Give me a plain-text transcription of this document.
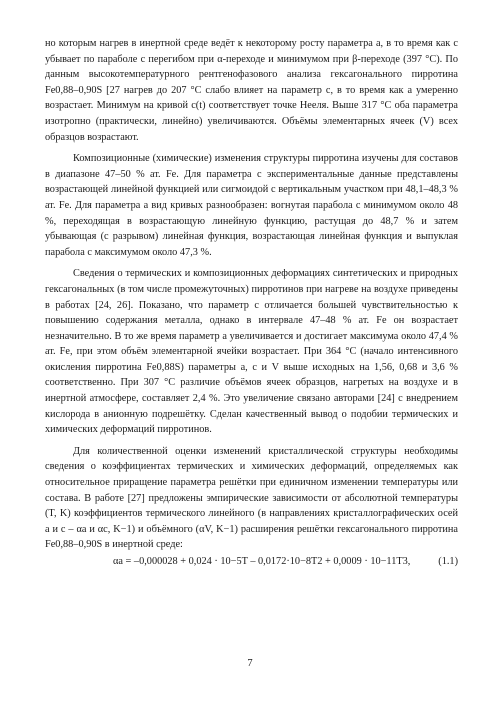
но которым нагрев в инертной среде ведёт к некоторому росту параметра a, в то время как c убывает по параболе с перегибом при α-переходе и минимумом при β-переходе (397 °C). По данным высокотемпературного рентгенофазового анализа гексагонального пирротина Fe0,88–0,90S [27 нагрев до 207 °C слабо влияет на параметр c, в то время как a умеренно возрастает. Минимум на кривой c(t) соответствует точке Нееля. Выше 317 °C оба параметра изотропно (практически, линейно) увеличиваются. Объёмы элементарных ячеек (V) всех образцов возрастают.

Композиционные (химические) изменения структуры пирротина изучены для составов в диапазоне 47–50 % ат. Fe. Для параметра c экспериментальные данные представлены возрастающей линейной функцией или сигмоидой с вертикальным участком при 48,1–48,3 % ат. Fe. Для параметра a вид кривых разнообразен: вогнутая парабола с минимумом около 48 %, переходящая в возрастающую линейную функцию, растущая до 48,7 % и затем убывающая (с разрывом) линейная функция, возрастающая линейная функция и выпуклая парабола с максимумом около 47,3 %.

Сведения о термических и композиционных деформациях синтетических и природных гексагональных (в том числе промежуточных) пирротинов при нагреве на воздухе приведены в работах [24, 26]. Показано, что параметр c отличается большей чувствительностью к повышению содержания металла, однако в интервале 47–48 % ат. Fe он возрастает незначительно. В то же время параметр a увеличивается и достигает максимума около 47,4 % ат. Fe, при этом объём элементарной ячейки возрастает. При 364 °C (начало интенсивного окисления пирротина Fe0,88S) параметры a, c и V выше исходных на 1,56, 0,68 и 3,6 % соответственно. При 307 °C различие объёмов ячеек образцов, нагретых на воздухе и в инертной атмосфере, составляет 2,4 %. Это увеличение связано авторами [24] с внедрением кислорода в анионную подрешётку. Сделан качественный вывод о подобии термических и химических деформаций пирротинов.

Для количественной оценки изменений кристаллической структуры необходимы сведения о коэффициентах термических и химических деформаций, определяемых как относительное приращение параметра решётки при единичном изменении температуры или состава. В работе [27] предложены эмпирические зависимости от абсолютной температуры (T, K) коэффициентов термического линейного (в направлениях кристаллографических осей a и c – αa и αc, K−1) и объёмного (αV, K−1) расширения решётки гексагонального пирротина Fe0,88–0,90S в инертной среде:

αa = –0,000028 + 0,024 · 10−5T – 0,0172·10−8T2 + 0,0009 · 10−11T3,	(1.1)
7
